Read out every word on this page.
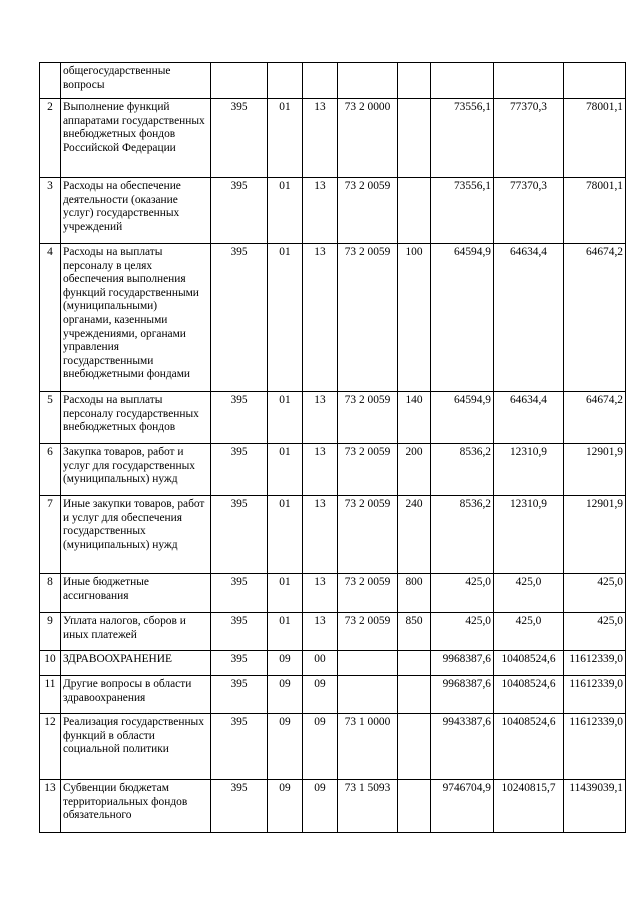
	общегосударственные вопросы								
2	Выполнение функций аппаратами государственных внебюджетных фондов Российской Федерации	395	01	13	73 2 0000		73556,1	77370,3	78001,1
3	Расходы на обеспечение деятельности (оказание услуг) государственных учреждений	395	01	13	73 2 0059		73556,1	77370,3	78001,1
4	Расходы на выплаты персоналу в целях обеспечения выполнения функций государственными (муниципальными) органами, казенными учреждениями, органами управления государственными внебюджетными фондами	395	01	13	73 2 0059	100	64594,9	64634,4	64674,2
5	Расходы на выплаты персоналу государственных внебюджетных фондов	395	01	13	73 2 0059	140	64594,9	64634,4	64674,2
6	Закупка товаров, работ и услуг для государственных (муниципальных) нужд	395	01	13	73 2 0059	200	8536,2	12310,9	12901,9
7	Иные закупки товаров, работ и услуг для обеспечения государственных (муниципальных) нужд	395	01	13	73 2 0059	240	8536,2	12310,9	12901,9
8	Иные бюджетные ассигнования	395	01	13	73 2 0059	800	425,0	425,0	425,0
9	Уплата налогов, сборов и иных платежей	395	01	13	73 2 0059	850	425,0	425,0	425,0
10	ЗДРАВООХРАНЕНИЕ	395	09	00			9968387,6	10408524,6	11612339,0
11	Другие вопросы в области здравоохранения	395	09	09			9968387,6	10408524,6	11612339,0
12	Реализация государственных функций в области социальной политики	395	09	09	73 1 0000		9943387,6	10408524,6	11612339,0
13	Субвенции бюджетам территориальных фондов обязательного	395	09	09	73 1 5093		9746704,9	10240815,7	11439039,1
